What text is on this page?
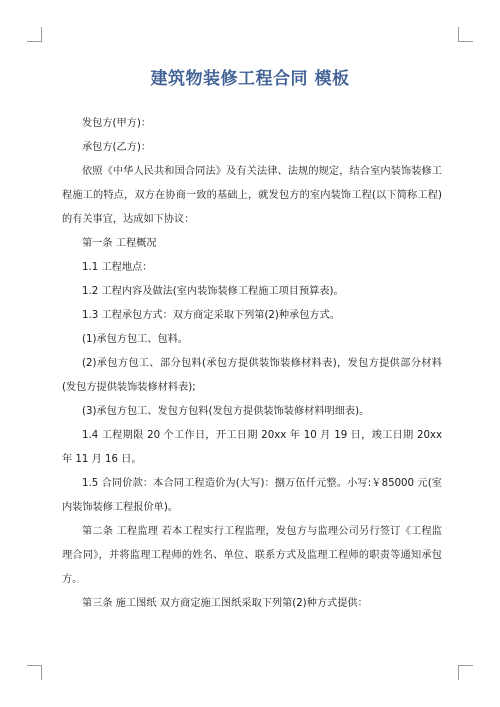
建筑物装修工程合同 模板

发包方(甲方)：

承包方(乙方)：

依照《中华人民共和国合同法》及有关法律、法规的规定，结合室内装饰装修工程施工的特点，双方在协商一致的基础上，就发包方的室内装饰工程(以下简称工程)的有关事宜，达成如下协议：

第一条 工程概况

1.1 工程地点：

1.2 工程内容及做法(室内装饰装修工程施工项目预算表)。

1.3 工程承包方式：双方商定采取下列第(2)种承包方式。

(1)承包方包工、包料。

(2)承包方包工、部分包料(承包方提供装饰装修材料表)，发包方提供部分材料(发包方提供装饰装修材料表);

(3)承包方包工、发包方包料(发包方提供装饰装修材料明细表)。

1.4 工程期限 20 个工作日，开工日期 20xx 年 10 月 19 日，竣工日期 20xx 年 11 月 16 日。

1.5 合同价款：本合同工程造价为(大写)：捌万伍仟元整。小写:￥85000 元(室内装饰装修工程报价单)。

第二条 工程监理 若本工程实行工程监理，发包方与监理公司另行签订《工程监理合同》，并将监理工程师的姓名、单位、联系方式及监理工程师的职责等通知承包方。

第三条 施工图纸 双方商定施工图纸采取下列第(2)种方式提供：
